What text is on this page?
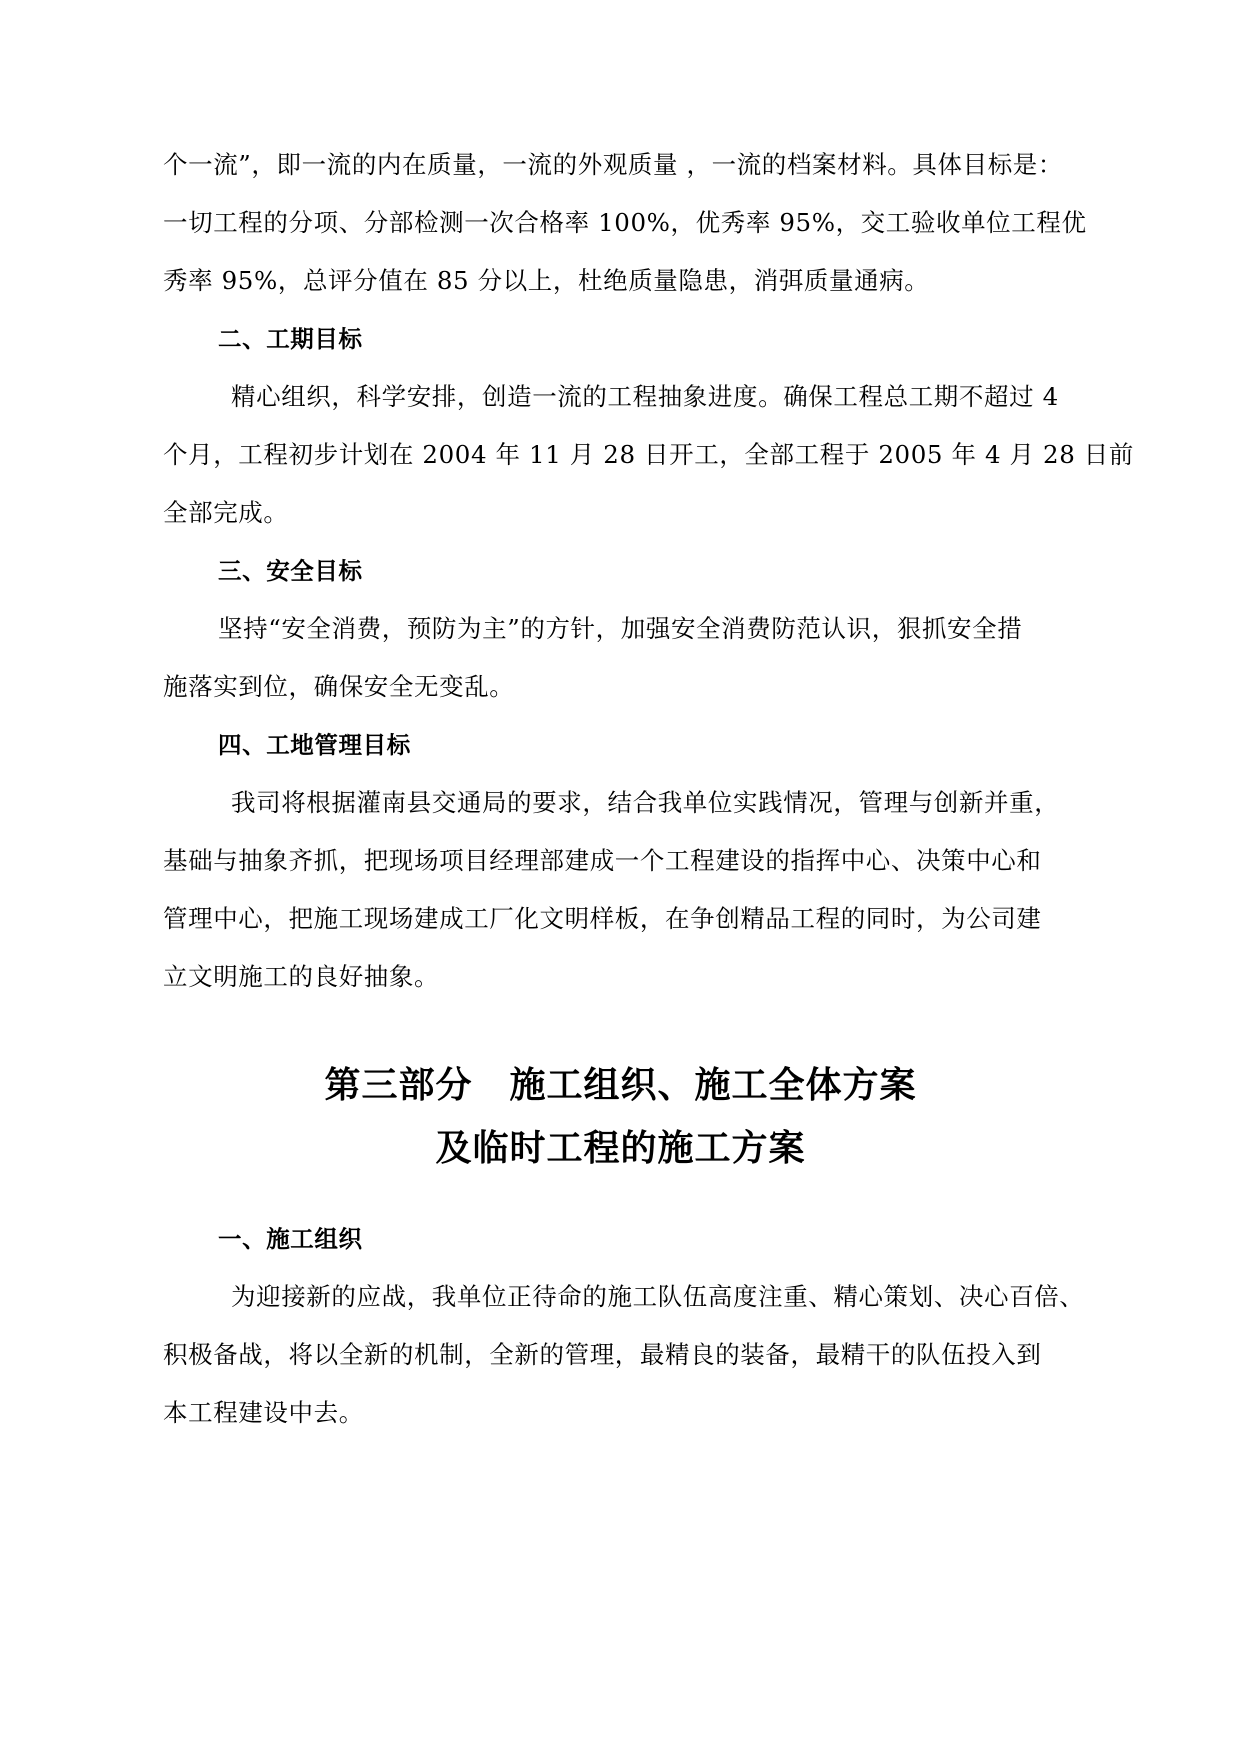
个一流”，即一流的内在质量，一流的外观质量 ，一流的档案材料。具体目标是：
一切工程的分项、分部检测一次合格率 100%，优秀率 95%，交工验收单位工程优
秀率 95%，总评分值在 85 分以上，杜绝质量隐患，消弭质量通病。
二、工期目标
精心组织，科学安排，创造一流的工程抽象进度。确保工程总工期不超过 4
个月，工程初步计划在 2004 年 11 月 28 日开工，全部工程于 2005 年 4 月 28 日前
全部完成。
三、安全目标
坚持“安全消费，预防为主”的方针，加强安全消费防范认识，狠抓安全措
施落实到位，确保安全无变乱。
四、工地管理目标
我司将根据灌南县交通局的要求，结合我单位实践情况，管理与创新并重，
基础与抽象齐抓，把现场项目经理部建成一个工程建设的指挥中心、决策中心和
管理中心，把施工现场建成工厂化文明样板，在争创精品工程的同时，为公司建
立文明施工的良好抽象。
第三部分　施工组织、施工全体方案
及临时工程的施工方案
一、施工组织
为迎接新的应战，我单位正待命的施工队伍高度注重、精心策划、决心百倍、
积极备战，将以全新的机制，全新的管理，最精良的装备，最精干的队伍投入到
本工程建设中去。
